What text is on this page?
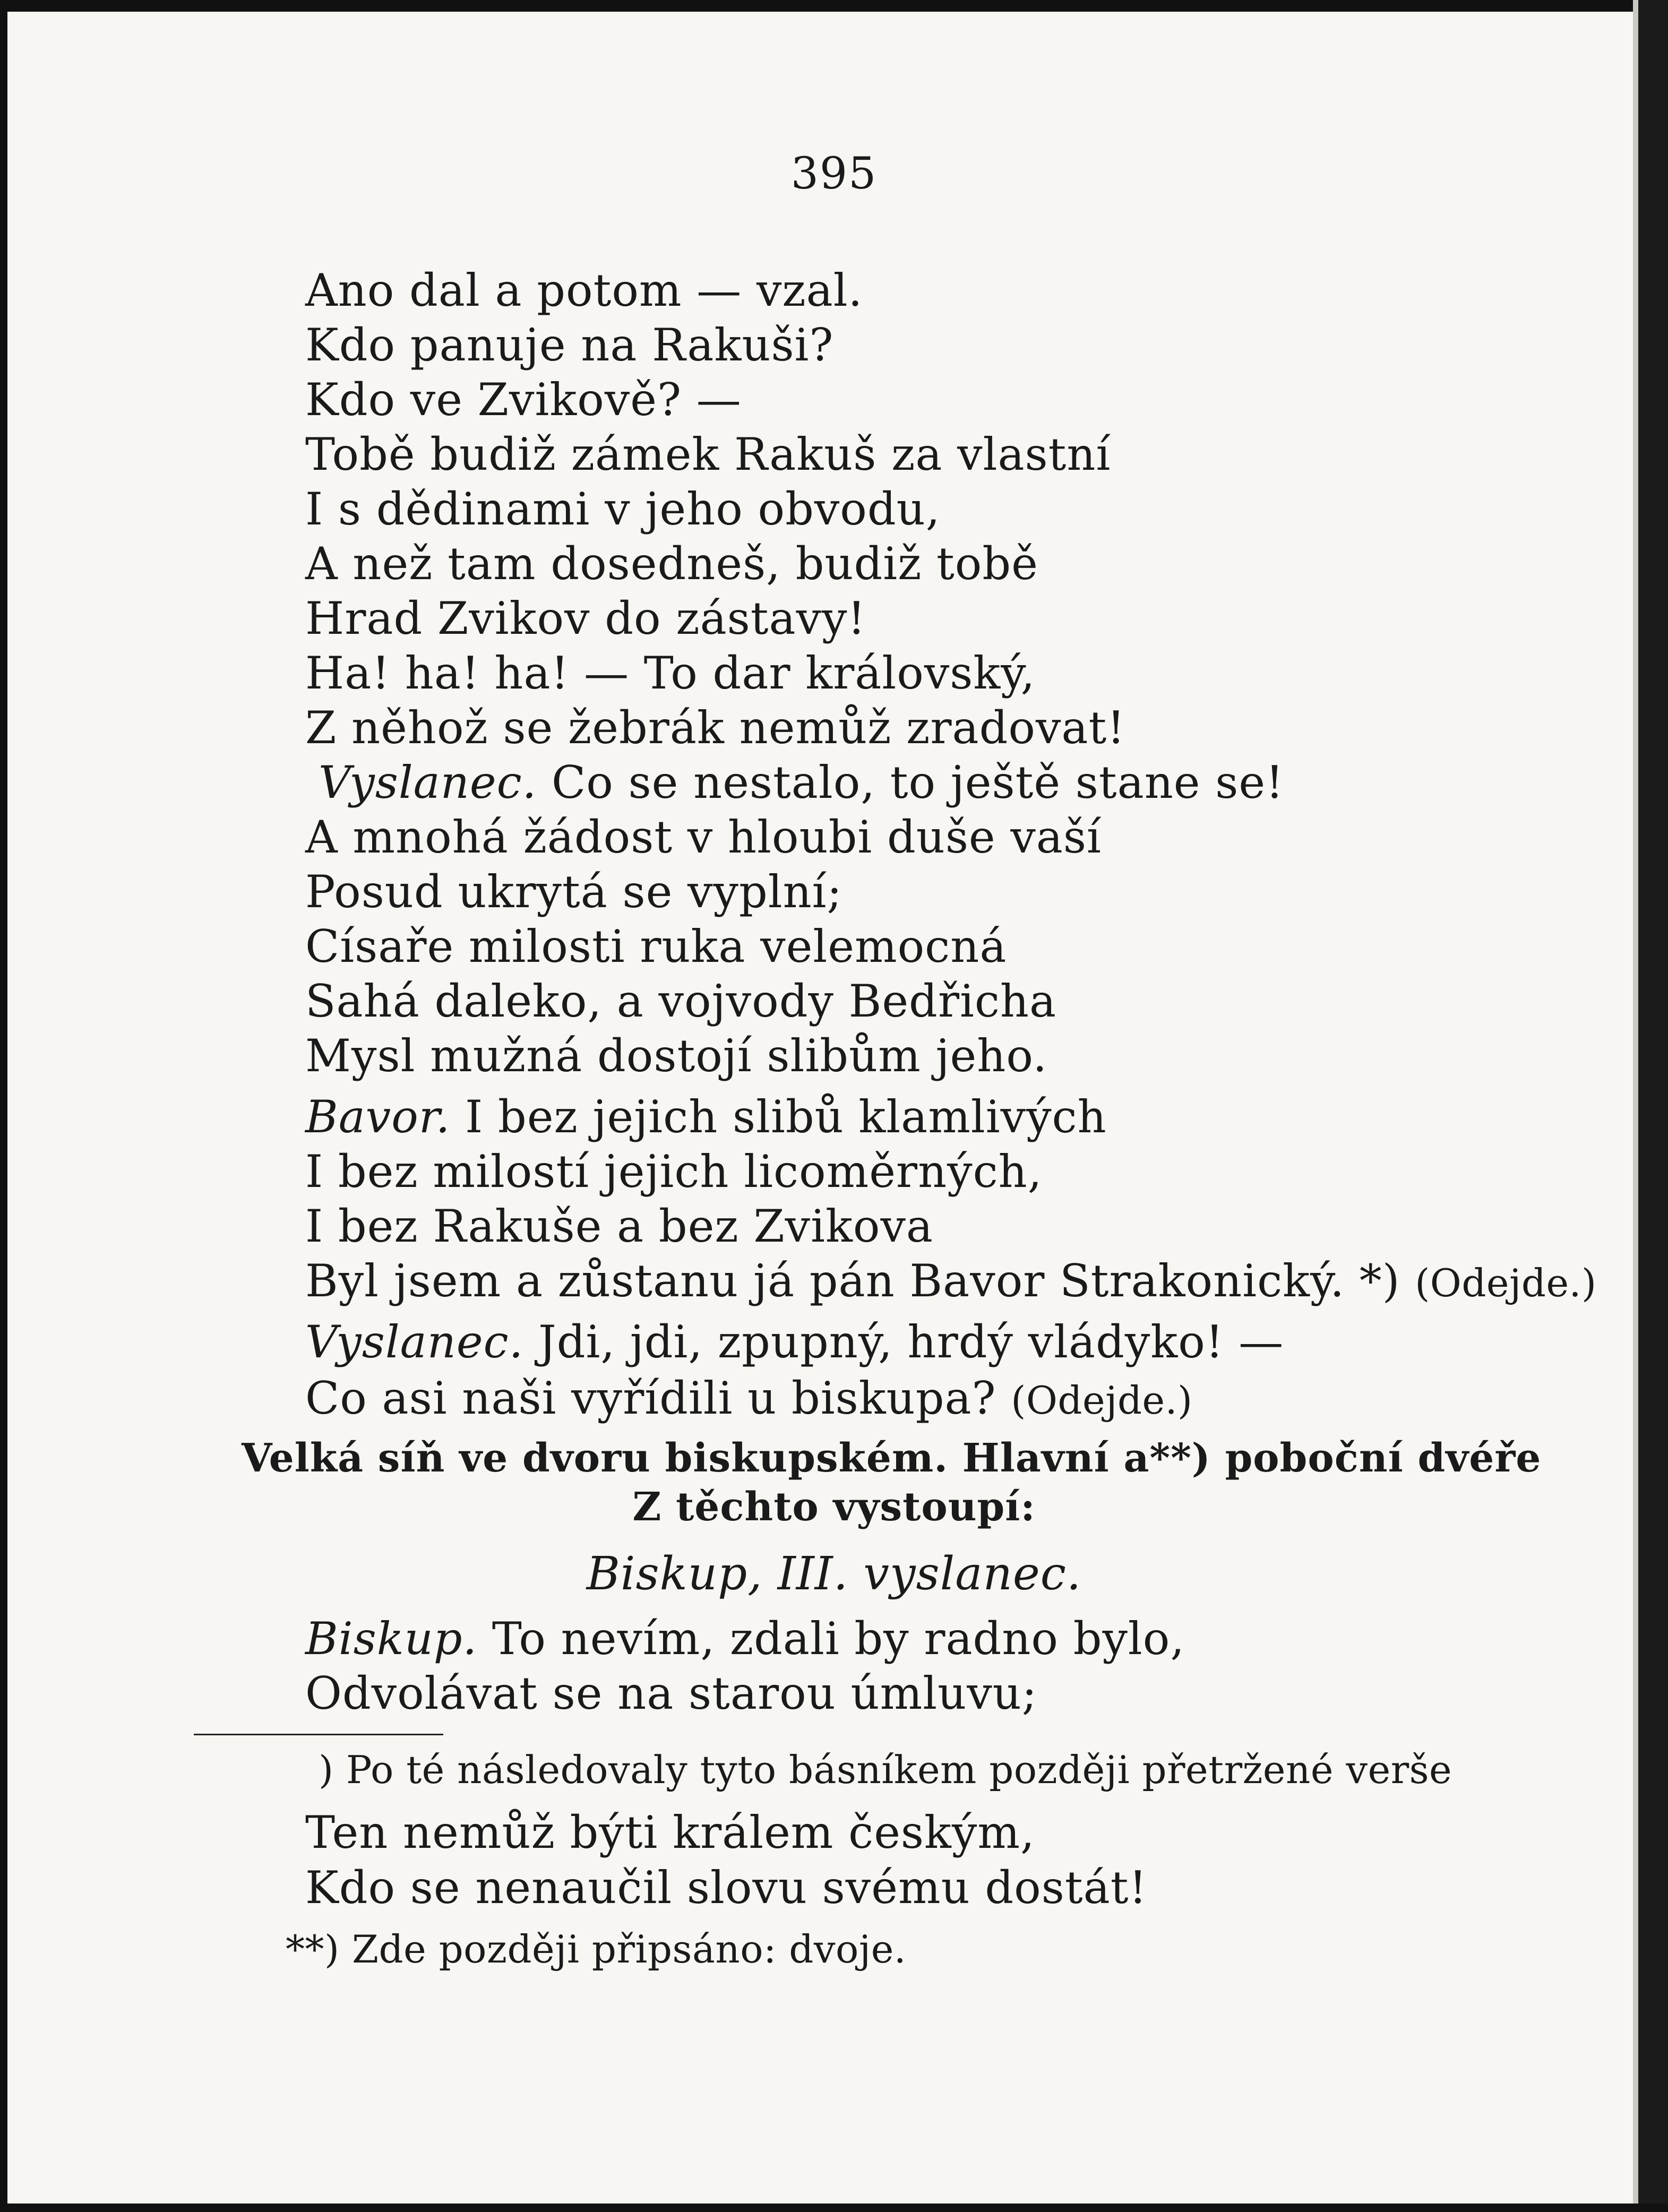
395
Ano dal a potom — vzal.
Kdo panuje na Rakuši?
Kdo ve Zvikově? —
Tobě budiž zámek Rakuš za vlastní
I s dědinami v jeho obvodu,
A než tam dosedneš, budiž tobě
Hrad Zvikov do zástavy!
Ha! ha! ha! — To dar královský,
Z něhož se žebrák nemůž zradovat!
Vyslanec. Co se nestalo, to ještě stane se!
A mnohá žádost v hloubi duše vaší
Posud ukrytá se vyplní;
Císaře milosti ruka velemocná
Sahá daleko, a vojvody Bedřicha
Mysl mužná dostojí slibům jeho.
Bavor. I bez jejich slibů klamlivých
I bez milostí jejich licoměrných,
I bez Rakuše a bez Zvikova
Byl jsem a zůstanu já pán Bavor Strakonický. *) (Odejde.)
Vyslanec. Jdi, jdi, zpupný, hrdý vládyko! —
Co asi naši vyřídili u biskupa? (Odejde.)
Velká síň ve dvoru biskupském. Hlavní a**) poboční dvéře
Z těchto vystoupí:
Biskup, III. vyslanec.
Biskup. To nevím, zdali by radno bylo,
Odvolávat se na starou úmluvu;
) Po té následovaly tyto básníkem později přetržené verše
Ten nemůž býti králem českým,
Kdo se nenaučil slovu svému dostát!
**) Zde později připsáno: dvoje.
